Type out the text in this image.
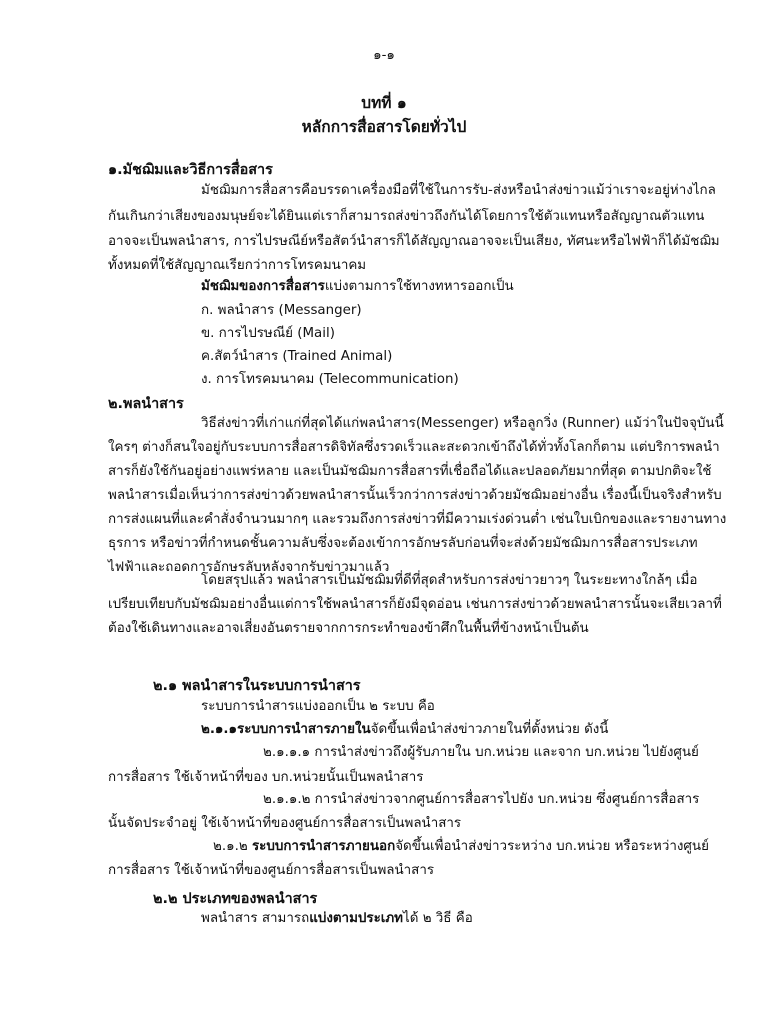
๑-๑
บทที่ ๑
หลักการสื่อสารโดยทั่วไป
๑.มัชฌิมและวิธีการสื่อสาร
มัชฌิมการสื่อสารคือบรรดาเครื่องมือที่ใช้ในการรับ-ส่งหรือนำส่งข่าวแม้ว่าเราจะอยู่ห่างไกล
กันเกินกว่าเสียงของมนุษย์จะได้ยินแต่เราก็สามารถส่งข่าวถึงกันได้โดยการใช้ตัวแทนหรือสัญญาณตัวแทน
อาจจะเป็นพลนำสาร, การไปรษณีย์หรือสัตว์นำสารก็ได้สัญญาณอาจจะเป็นเสียง, ทัศนะหรือไฟฟ้าก็ได้มัชฌิม
ทั้งหมดที่ใช้สัญญาณเรียกว่าการโทรคมนาคม
มัชฌิมของการสื่อสารแบ่งตามการใช้ทางทหารออกเป็น
ก. พลนำสาร (Messanger)
ข. การไปรษณีย์ (Mail)
ค.สัตว์นำสาร (Trained Animal)
ง. การโทรคมนาคม (Telecommunication)
๒.พลนำสาร
วิธีส่งข่าวที่เก่าแก่ที่สุดได้แก่พลนำสาร(Messenger) หรือลูกวิ่ง (Runner) แม้ว่าในปัจจุบันนี้
ใครๆ ต่างก็สนใจอยู่กับระบบการสื่อสารดิจิทัลซึ่งรวดเร็วและสะดวกเข้าถึงได้ทั่วทั้งโลกก็ตาม แต่บริการพลนำ
สารก็ยังใช้กันอยู่อย่างแพร่หลาย และเป็นมัชฌิมการสื่อสารที่เชื่อถือได้และปลอดภัยมากที่สุด ตามปกติจะใช้
พลนำสารเมื่อเห็นว่าการส่งข่าวด้วยพลนำสารนั้นเร็วกว่าการส่งข่าวด้วยมัชฌิมอย่างอื่น เรื่องนี้เป็นจริงสำหรับ
การส่งแผนที่และคำสั่งจำนวนมากๆ และรวมถึงการส่งข่าวที่มีความเร่งด่วนต่ำ เช่นใบเบิกของและรายงานทาง
ธุรการ หรือข่าวที่กำหนดชั้นความลับซึ่งจะต้องเข้าการอักษรลับก่อนที่จะส่งด้วยมัชฌิมการสื่อสารประเภท
ไฟฟ้าและถอดการอักษรลับหลังจากรับข่าวมาแล้ว
โดยสรุปแล้ว พลนำสารเป็นมัชฌิมที่ดีที่สุดสำหรับการส่งข่าวยาวๆ ในระยะทางใกล้ๆ เมื่อ
เปรียบเทียบกับมัชฌิมอย่างอื่นแต่การใช้พลนำสารก็ยังมีจุดอ่อน เช่นการส่งข่าวด้วยพลนำสารนั้นจะเสียเวลาที่
ต้องใช้เดินทางและอาจเสี่ยงอันตรายจากการกระทำของข้าศึกในพื้นที่ข้างหน้าเป็นต้น
๒.๑ พลนำสารในระบบการนำสาร
ระบบการนำสารแบ่งออกเป็น ๒ ระบบ คือ
๒.๑.๑ระบบการนำสารภายในจัดขึ้นเพื่อนำส่งข่าวภายในที่ตั้งหน่วย ดังนี้
๒.๑.๑.๑ การนำส่งข่าวถึงผู้รับภายใน บก.หน่วย และจาก บก.หน่วย ไปยังศูนย์
การสื่อสาร ใช้เจ้าหน้าที่ของ บก.หน่วยนั้นเป็นพลนำสาร
๒.๑.๑.๒ การนำส่งข่าวจากศูนย์การสื่อสารไปยัง บก.หน่วย ซึ่งศูนย์การสื่อสาร
นั้นจัดประจำอยู่ ใช้เจ้าหน้าที่ของศูนย์การสื่อสารเป็นพลนำสาร
๒.๑.๒ ระบบการนำสารภายนอกจัดขึ้นเพื่อนำส่งข่าวระหว่าง บก.หน่วย หรือระหว่างศูนย์
การสื่อสาร ใช้เจ้าหน้าที่ของศูนย์การสื่อสารเป็นพลนำสาร
๒.๒ ประเภทของพลนำสาร
พลนำสาร สามารถแบ่งตามประเภทได้ ๒ วิธี คือ
